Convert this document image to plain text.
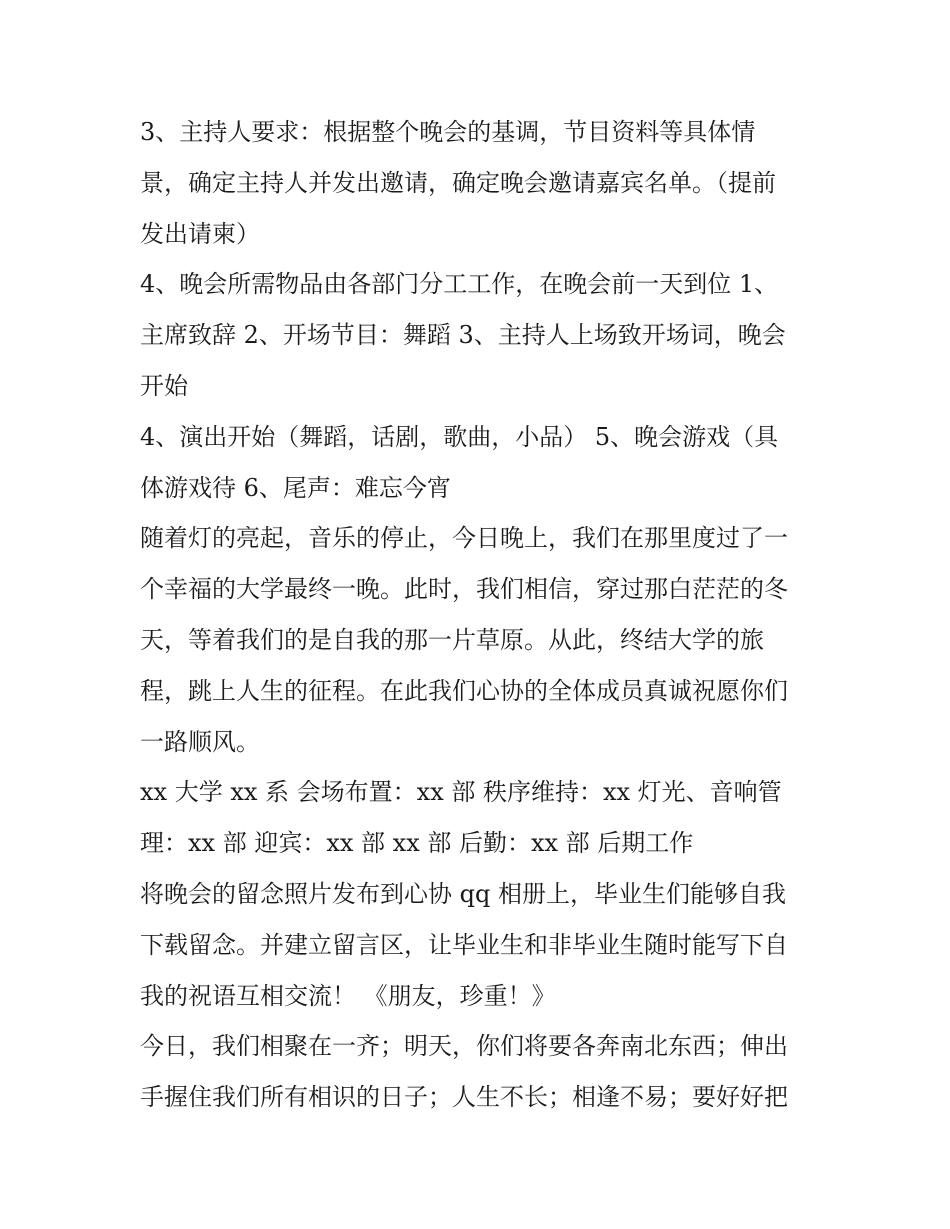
3、主持人要求：根据整个晚会的基调，节目资料等具体情
景，确定主持人并发出邀请，确定晚会邀请嘉宾名单。（提前
发出请柬）
4、晚会所需物品由各部门分工工作，在晚会前一天到位 1、
主席致辞 2、开场节目：舞蹈 3、主持人上场致开场词，晚会
开始
4、演出开始（舞蹈，话剧，歌曲，小品） 5、晚会游戏（具
体游戏待 6、尾声：难忘今宵
随着灯的亮起，音乐的停止，今日晚上，我们在那里度过了一
个幸福的大学最终一晚。此时，我们相信，穿过那白茫茫的冬
天，等着我们的是自我的那一片草原。从此，终结大学的旅
程，跳上人生的征程。在此我们心协的全体成员真诚祝愿你们
一路顺风。
xx 大学 xx 系 会场布置：xx 部 秩序维持：xx 灯光、音响管
理：xx 部 迎宾：xx 部 xx 部 后勤：xx 部 后期工作
将晚会的留念照片发布到心协 qq 相册上，毕业生们能够自我
下载留念。并建立留言区，让毕业生和非毕业生随时能写下自
我的祝语互相交流！ 《朋友，珍重！》
今日，我们相聚在一齐；明天，你们将要各奔南北东西；伸出
手握住我们所有相识的日子；人生不长；相逢不易；要好好把
